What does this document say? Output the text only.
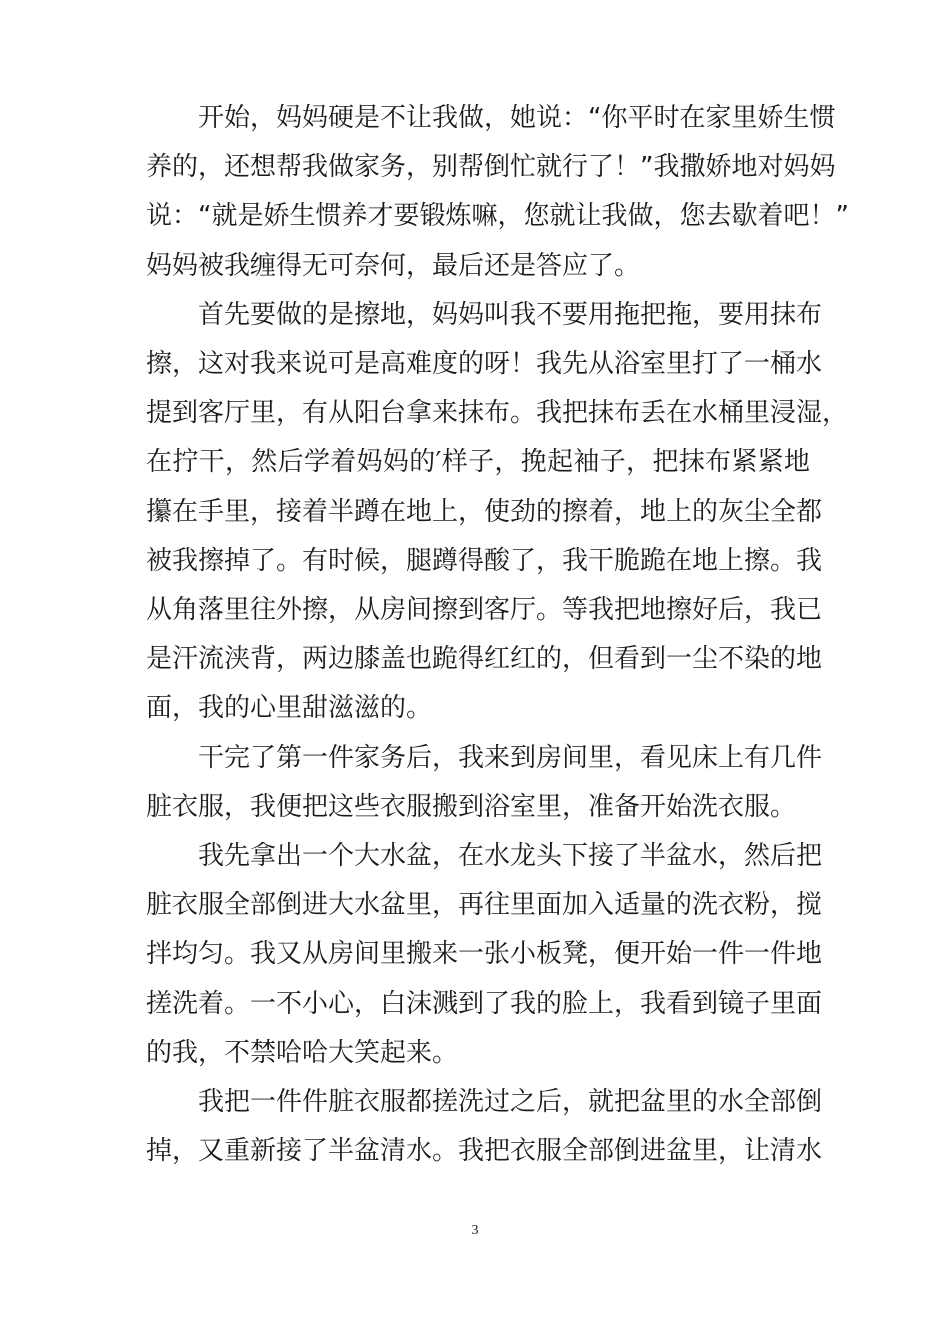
开始，妈妈硬是不让我做，她说：“你平时在家里娇生惯
养的，还想帮我做家务，别帮倒忙就行了！”我撒娇地对妈妈
说：“就是娇生惯养才要锻炼嘛，您就让我做，您去歇着吧！”
妈妈被我缠得无可奈何，最后还是答应了。
首先要做的是擦地，妈妈叫我不要用拖把拖，要用抹布
擦，这对我来说可是高难度的呀！我先从浴室里打了一桶水
提到客厅里，有从阳台拿来抹布。我把抹布丢在水桶里浸湿，
在拧干，然后学着妈妈的′样子，挽起袖子，把抹布紧紧地
攥在手里，接着半蹲在地上，使劲的擦着，地上的灰尘全都
被我擦掉了。有时候，腿蹲得酸了，我干脆跪在地上擦。我
从角落里往外擦，从房间擦到客厅。等我把地擦好后，我已
是汗流浃背，两边膝盖也跪得红红的，但看到一尘不染的地
面，我的心里甜滋滋的。
干完了第一件家务后，我来到房间里，看见床上有几件
脏衣服，我便把这些衣服搬到浴室里，准备开始洗衣服。
我先拿出一个大水盆，在水龙头下接了半盆水，然后把
脏衣服全部倒进大水盆里，再往里面加入适量的洗衣粉，搅
拌均匀。我又从房间里搬来一张小板凳，便开始一件一件地
搓洗着。一不小心，白沫溅到了我的脸上，我看到镜子里面
的我，不禁哈哈大笑起来。
我把一件件脏衣服都搓洗过之后，就把盆里的水全部倒
掉，又重新接了半盆清水。我把衣服全部倒进盆里，让清水
3
